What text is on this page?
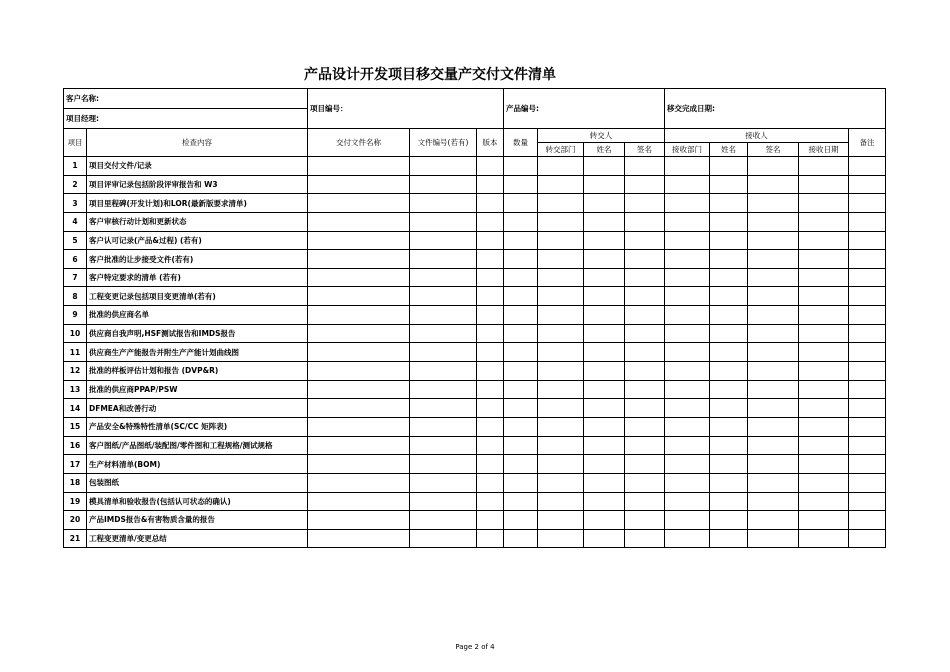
产品设计开发项目移交量产交付文件清单
客户名称:		项目编号：			产品编号:				移交完成日期:				
项目经理:													
项目	检查内容	交付文件名称	文件编号(若有)	版本	数量	转交人			接收人				备注
						转交部门	姓名	签名	接收部门	姓名	签名	接收日期	
1	项目交付文件/记录												
2	项目评审记录包括阶段评审报告和 W3												
3	项目里程碑(开发计划)和LOR(最新版要求清单)												
4	客户审核行动计划和更新状态												
5	客户认可记录(产品&过程) (若有)												
6	客户批准的让步接受文件(若有)												
7	客户特定要求的清单 (若有)												
8	工程变更记录包括项目变更清单(若有)												
9	批准的供应商名单												
10	供应商自我声明,HSF测试报告和IMDS报告												
11	供应商生产产能报告并附生产产能计划曲线图												
12	批准的样板评估计划和报告 (DVP&R)												
13	批准的供应商PPAP/PSW												
14	DFMEA和改善行动												
15	产品安全&特殊特性清单(SC/CC 矩阵表)												
16	客户图纸/产品图纸/装配图/零件图和工程规格/测试规格												
17	生产材料清单(BOM)												
18	包装图纸												
19	模具清单和验收报告(包括认可状态的确认)												
20	产品IMDS报告&有害物质含量的报告												
21	工程变更清单/变更总结												
Page 2 of 4
